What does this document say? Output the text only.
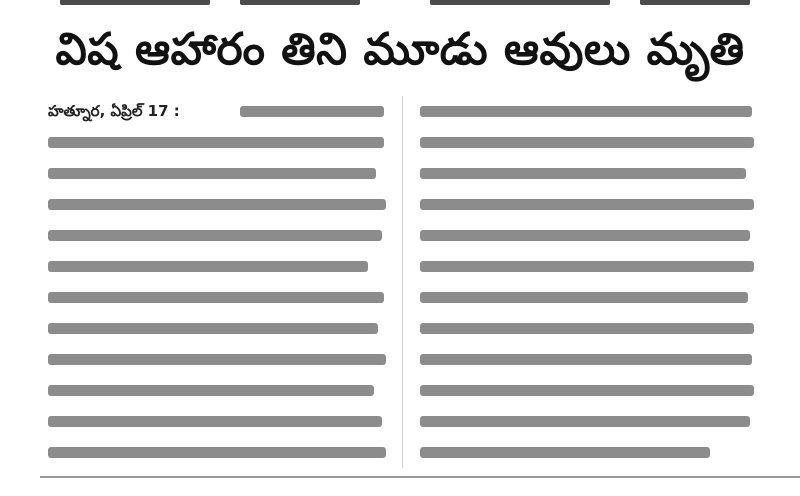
విష ఆహారం తిని మూడు ఆవులు మృతి
హత్నూర, ఏప్రిల్ 17 :
